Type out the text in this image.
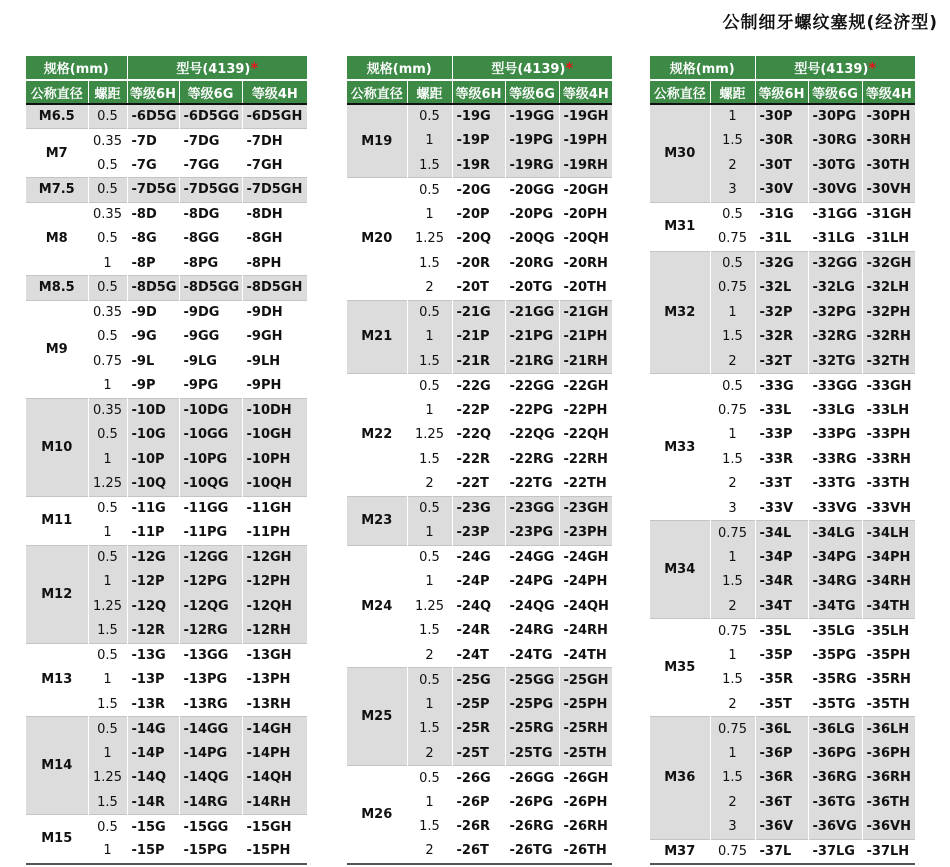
公制细牙螺纹塞规(经济型)
规格(mm)		型号(4139)*		
公称直径	螺距	等级6H	等级6G	等级4H
M6.5	0.5	-6D5G	-6D5GG	-6D5GH
M7	0.35	-7D	-7DG	-7DH
	0.5	-7G	-7GG	-7GH
M7.5	0.5	-7D5G	-7D5GG	-7D5GH
M8	0.35	-8D	-8DG	-8DH
	0.5	-8G	-8GG	-8GH
	1	-8P	-8PG	-8PH
M8.5	0.5	-8D5G	-8D5GG	-8D5GH
M9	0.35	-9D	-9DG	-9DH
	0.5	-9G	-9GG	-9GH
	0.75	-9L	-9LG	-9LH
	1	-9P	-9PG	-9PH
M10	0.35	-10D	-10DG	-10DH
	0.5	-10G	-10GG	-10GH
	1	-10P	-10PG	-10PH
	1.25	-10Q	-10QG	-10QH
M11	0.5	-11G	-11GG	-11GH
	1	-11P	-11PG	-11PH
M12	0.5	-12G	-12GG	-12GH
	1	-12P	-12PG	-12PH
	1.25	-12Q	-12QG	-12QH
	1.5	-12R	-12RG	-12RH
M13	0.5	-13G	-13GG	-13GH
	1	-13P	-13PG	-13PH
	1.5	-13R	-13RG	-13RH
M14	0.5	-14G	-14GG	-14GH
	1	-14P	-14PG	-14PH
	1.25	-14Q	-14QG	-14QH
	1.5	-14R	-14RG	-14RH
M15	0.5	-15G	-15GG	-15GH
	1	-15P	-15PG	-15PH
规格(mm)		型号(4139)*		
公称直径	螺距	等级6H	等级6G	等级4H
M19	0.5	-19G	-19GG	-19GH
	1	-19P	-19PG	-19PH
	1.5	-19R	-19RG	-19RH
M20	0.5	-20G	-20GG	-20GH
	1	-20P	-20PG	-20PH
	1.25	-20Q	-20QG	-20QH
	1.5	-20R	-20RG	-20RH
	2	-20T	-20TG	-20TH
M21	0.5	-21G	-21GG	-21GH
	1	-21P	-21PG	-21PH
	1.5	-21R	-21RG	-21RH
M22	0.5	-22G	-22GG	-22GH
	1	-22P	-22PG	-22PH
	1.25	-22Q	-22QG	-22QH
	1.5	-22R	-22RG	-22RH
	2	-22T	-22TG	-22TH
M23	0.5	-23G	-23GG	-23GH
	1	-23P	-23PG	-23PH
M24	0.5	-24G	-24GG	-24GH
	1	-24P	-24PG	-24PH
	1.25	-24Q	-24QG	-24QH
	1.5	-24R	-24RG	-24RH
	2	-24T	-24TG	-24TH
M25	0.5	-25G	-25GG	-25GH
	1	-25P	-25PG	-25PH
	1.5	-25R	-25RG	-25RH
	2	-25T	-25TG	-25TH
M26	0.5	-26G	-26GG	-26GH
	1	-26P	-26PG	-26PH
	1.5	-26R	-26RG	-26RH
	2	-26T	-26TG	-26TH
规格(mm)		型号(4139)*		
公称直径	螺距	等级6H	等级6G	等级4H
M30	1	-30P	-30PG	-30PH
	1.5	-30R	-30RG	-30RH
	2	-30T	-30TG	-30TH
	3	-30V	-30VG	-30VH
M31	0.5	-31G	-31GG	-31GH
	0.75	-31L	-31LG	-31LH
M32	0.5	-32G	-32GG	-32GH
	0.75	-32L	-32LG	-32LH
	1	-32P	-32PG	-32PH
	1.5	-32R	-32RG	-32RH
	2	-32T	-32TG	-32TH
M33	0.5	-33G	-33GG	-33GH
	0.75	-33L	-33LG	-33LH
	1	-33P	-33PG	-33PH
	1.5	-33R	-33RG	-33RH
	2	-33T	-33TG	-33TH
	3	-33V	-33VG	-33VH
M34	0.75	-34L	-34LG	-34LH
	1	-34P	-34PG	-34PH
	1.5	-34R	-34RG	-34RH
	2	-34T	-34TG	-34TH
M35	0.75	-35L	-35LG	-35LH
	1	-35P	-35PG	-35PH
	1.5	-35R	-35RG	-35RH
	2	-35T	-35TG	-35TH
M36	0.75	-36L	-36LG	-36LH
	1	-36P	-36PG	-36PH
	1.5	-36R	-36RG	-36RH
	2	-36T	-36TG	-36TH
	3	-36V	-36VG	-36VH
M37	0.75	-37L	-37LG	-37LH
